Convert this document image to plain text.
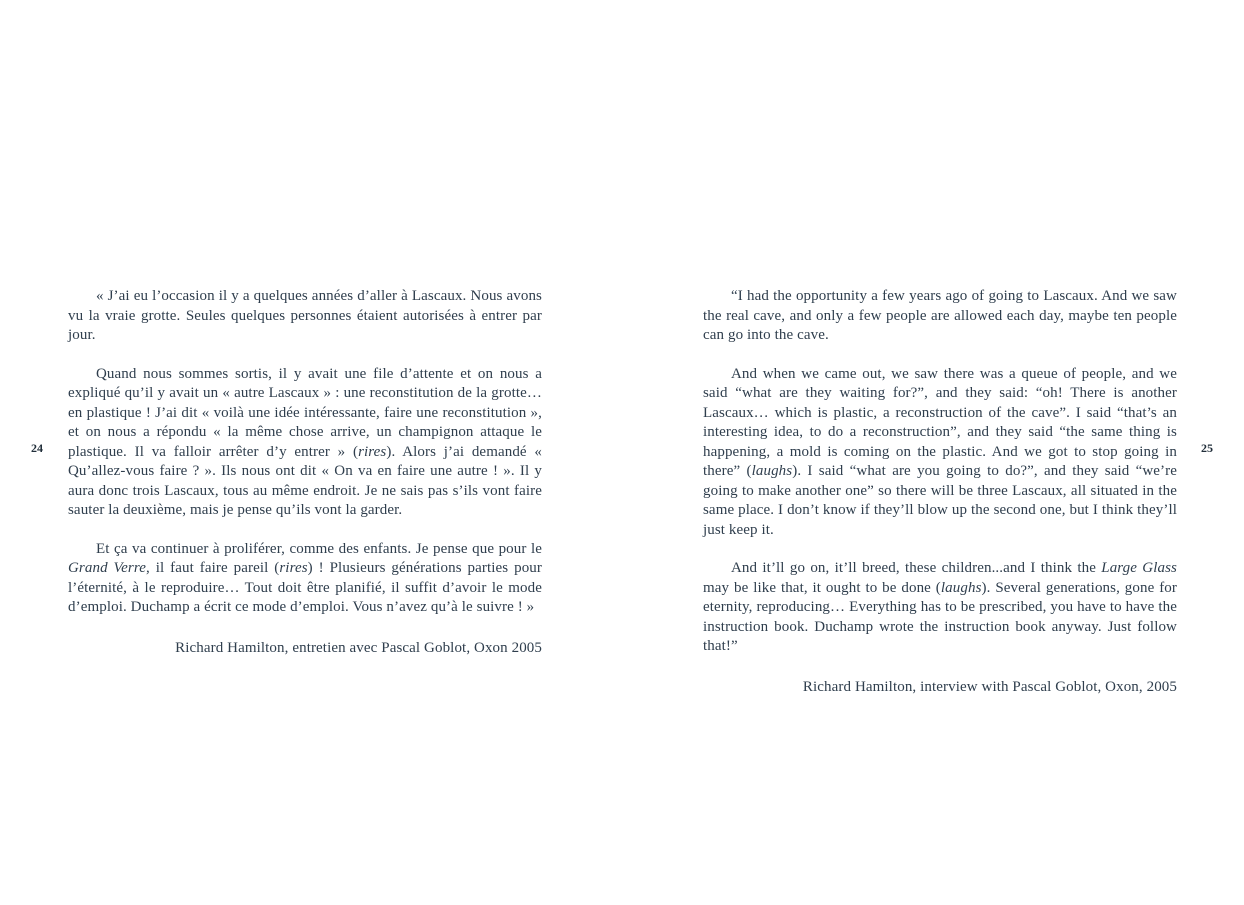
24

« J’ai eu l’occasion il y a quelques années d’aller à Lascaux. Nous avons vu la vraie grotte. Seules quelques personnes étaient autorisées à entrer par jour.

Quand nous sommes sortis, il y avait une file d’attente et on nous a expliqué qu’il y avait un « autre Lascaux » : une reconstitution de la grotte… en plastique ! J’ai dit « voilà une idée intéressante, faire une reconstitution », et on nous a répondu « la même chose arrive, un champignon attaque le plastique. Il va falloir arrêter d’y entrer » (rires). Alors j’ai demandé « Qu’allez-vous faire ? ». Ils nous ont dit « On va en faire une autre ! ». Il y aura donc trois Lascaux, tous au même endroit. Je ne sais pas s’ils vont faire sauter la deuxième, mais je pense qu’ils vont la garder.

Et ça va continuer à proliférer, comme des enfants. Je pense que pour le Grand Verre, il faut faire pareil (rires) ! Plusieurs générations parties pour l’éternité, à le reproduire… Tout doit être planifié, il suffit d’avoir le mode d’emploi. Duchamp a écrit ce mode d’emploi. Vous n’avez qu’à le suivre ! »

Richard Hamilton, entretien avec Pascal Goblot, Oxon 2005
25

“I had the opportunity a few years ago of going to Lascaux. And we saw the real cave, and only a few people are allowed each day, maybe ten people can go into the cave.

And when we came out, we saw there was a queue of people, and we said “what are they waiting for?”, and they said: “oh! There is another Lascaux… which is plastic, a reconstruction of the cave”. I said “that’s an interesting idea, to do a reconstruction”, and they said “the same thing is happening, a mold is coming on the plastic. And we got to stop going in there” (laughs). I said “what are you going to do?”, and they said “we’re going to make another one” so there will be three Lascaux, all situated in the same place. I don’t know if they’ll blow up the second one, but I think they’ll just keep it.

And it’ll go on, it’ll breed, these children...and I think the Large Glass may be like that, it ought to be done (laughs). Several generations, gone for eternity, reproducing… Everything has to be prescribed, you have to have the instruction book. Duchamp wrote the instruction book anyway. Just follow that!”

Richard Hamilton, interview with Pascal Goblot, Oxon, 2005
